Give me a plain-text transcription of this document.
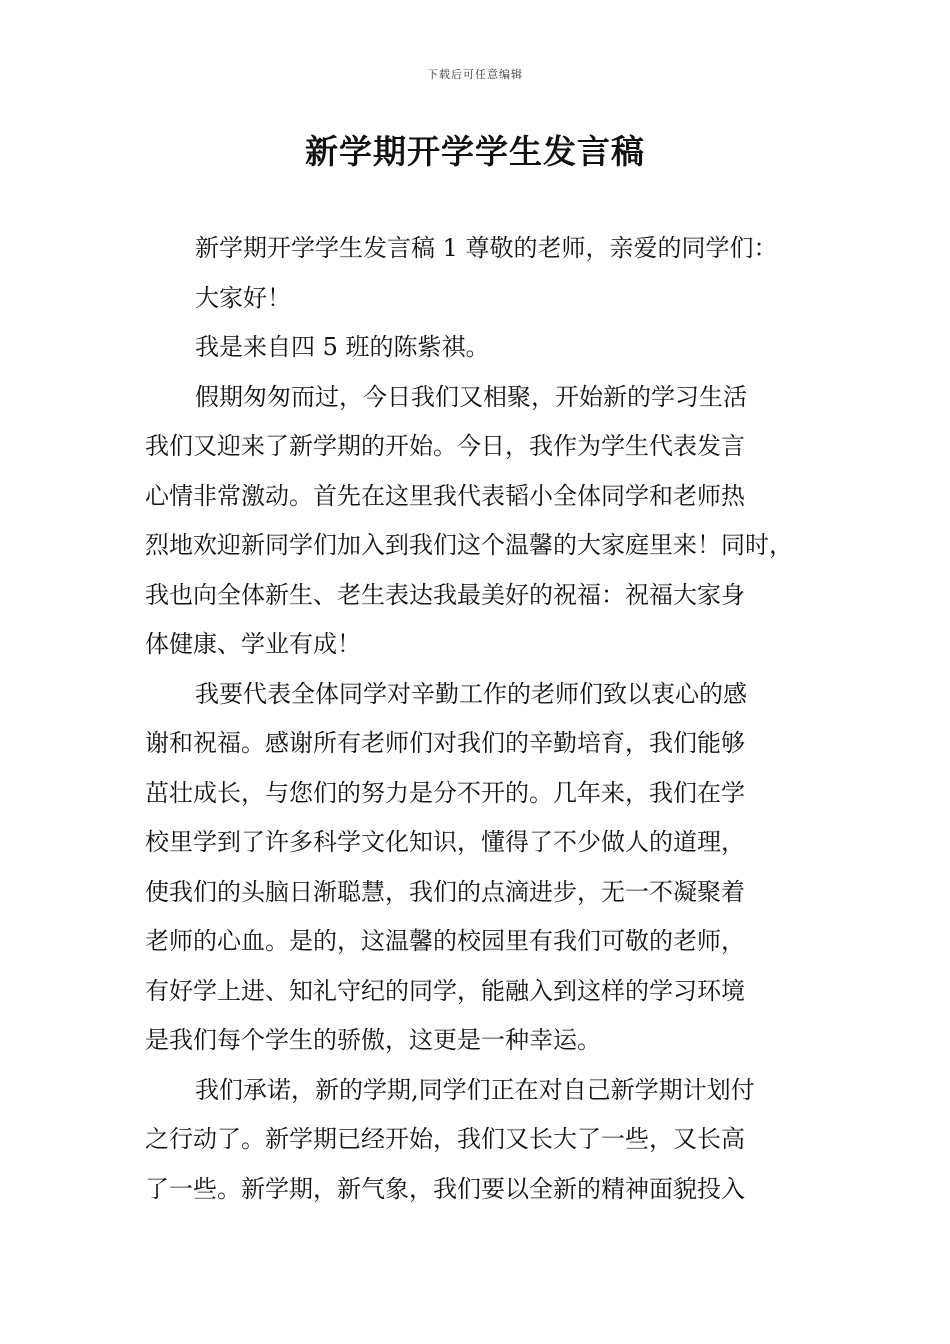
下载后可任意编辑
新学期开学学生发言稿

新学期开学学生发言稿 1 尊敬的老师，亲爱的同学们：

大家好！

我是来自四 5 班的陈紫祺。

假期匆匆而过，今日我们又相聚，开始新的学习生活
我们又迎来了新学期的开始。今日，我作为学生代表发言
心情非常激动。首先在这里我代表韬小全体同学和老师热
烈地欢迎新同学们加入到我们这个温馨的大家庭里来！同时，
我也向全体新生、老生表达我最美好的祝福：祝福大家身
体健康、学业有成！

我要代表全体同学对辛勤工作的老师们致以衷心的感
谢和祝福。感谢所有老师们对我们的辛勤培育，我们能够
茁壮成长，与您们的努力是分不开的。几年来，我们在学
校里学到了许多科学文化知识，懂得了不少做人的道理，
使我们的头脑日渐聪慧，我们的点滴进步，无一不凝聚着
老师的心血。是的，这温馨的校园里有我们可敬的老师，
有好学上进、知礼守纪的同学，能融入到这样的学习环境
是我们每个学生的骄傲，这更是一种幸运。

我们承诺，新的学期,同学们正在对自己新学期计划付
之行动了。新学期已经开始，我们又长大了一些，又长高
了一些。新学期，新气象，我们要以全新的精神面貌投入
